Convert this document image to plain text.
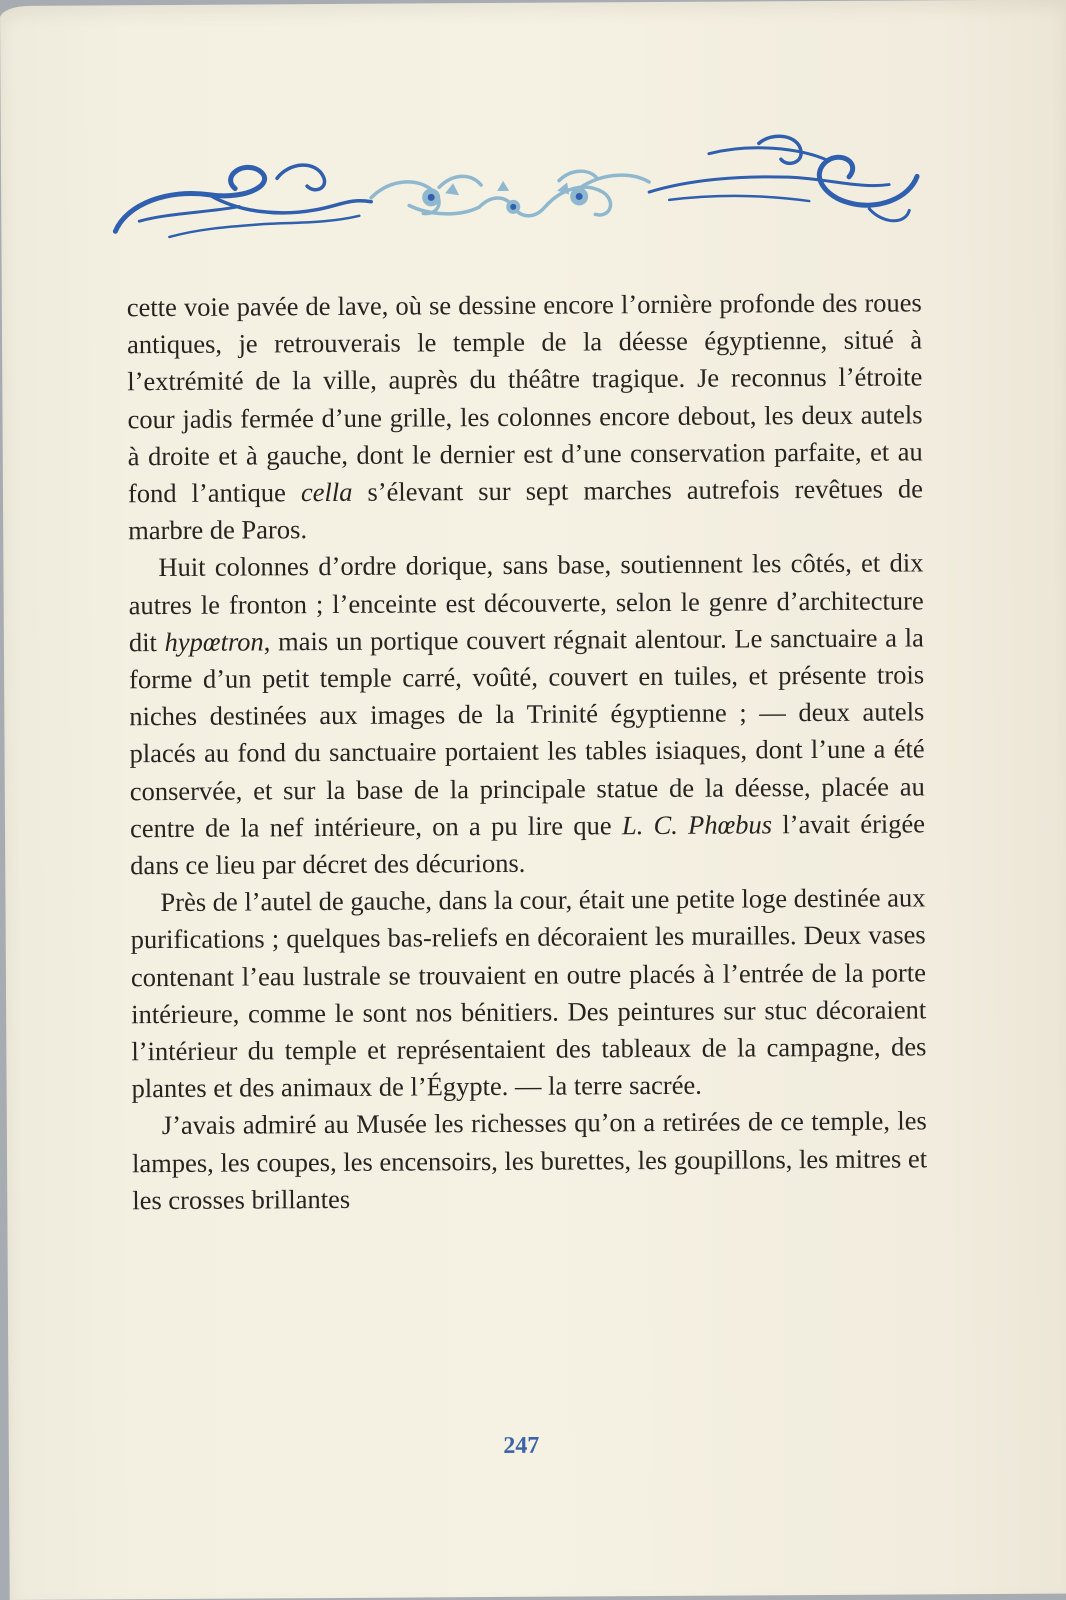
cette voie pavée de lave, où se dessine encore l’ornière profonde des roues antiques, je retrouverais le temple de la déesse égyptienne, situé à l’extrémité de la ville, auprès du théâtre tragique. Je reconnus l’étroite cour jadis fermée d’une grille, les colonnes encore debout, les deux autels à droite et à gauche, dont le dernier est d’une conservation parfaite, et au fond l’antique cella s’élevant sur sept marches autrefois revêtues de marbre de Paros.

Huit colonnes d’ordre dorique, sans base, soutiennent les côtés, et dix autres le fronton ; l’enceinte est découverte, selon le genre d’architecture dit hypœtron, mais un portique couvert régnait alentour. Le sanctuaire a la forme d’un petit temple carré, voûté, couvert en tuiles, et présente trois niches destinées aux images de la Trinité égyptienne ; — deux autels placés au fond du sanctuaire portaient les tables isiaques, dont l’une a été conservée, et sur la base de la principale statue de la déesse, placée au centre de la nef intérieure, on a pu lire que L. C. Phœbus l’avait érigée dans ce lieu par décret des décurions.

Près de l’autel de gauche, dans la cour, était une petite loge destinée aux purifications ; quelques bas-reliefs en décoraient les murailles. Deux vases contenant l’eau lustrale se trouvaient en outre placés à l’entrée de la porte intérieure, comme le sont nos bénitiers. Des peintures sur stuc décoraient l’intérieur du temple et représentaient des tableaux de la campagne, des plantes et des animaux de l’Égypte. — la terre sacrée.

J’avais admiré au Musée les richesses qu’on a retirées de ce temple, les lampes, les coupes, les encensoirs, les burettes, les goupillons, les mitres et les crosses brillantes

247
